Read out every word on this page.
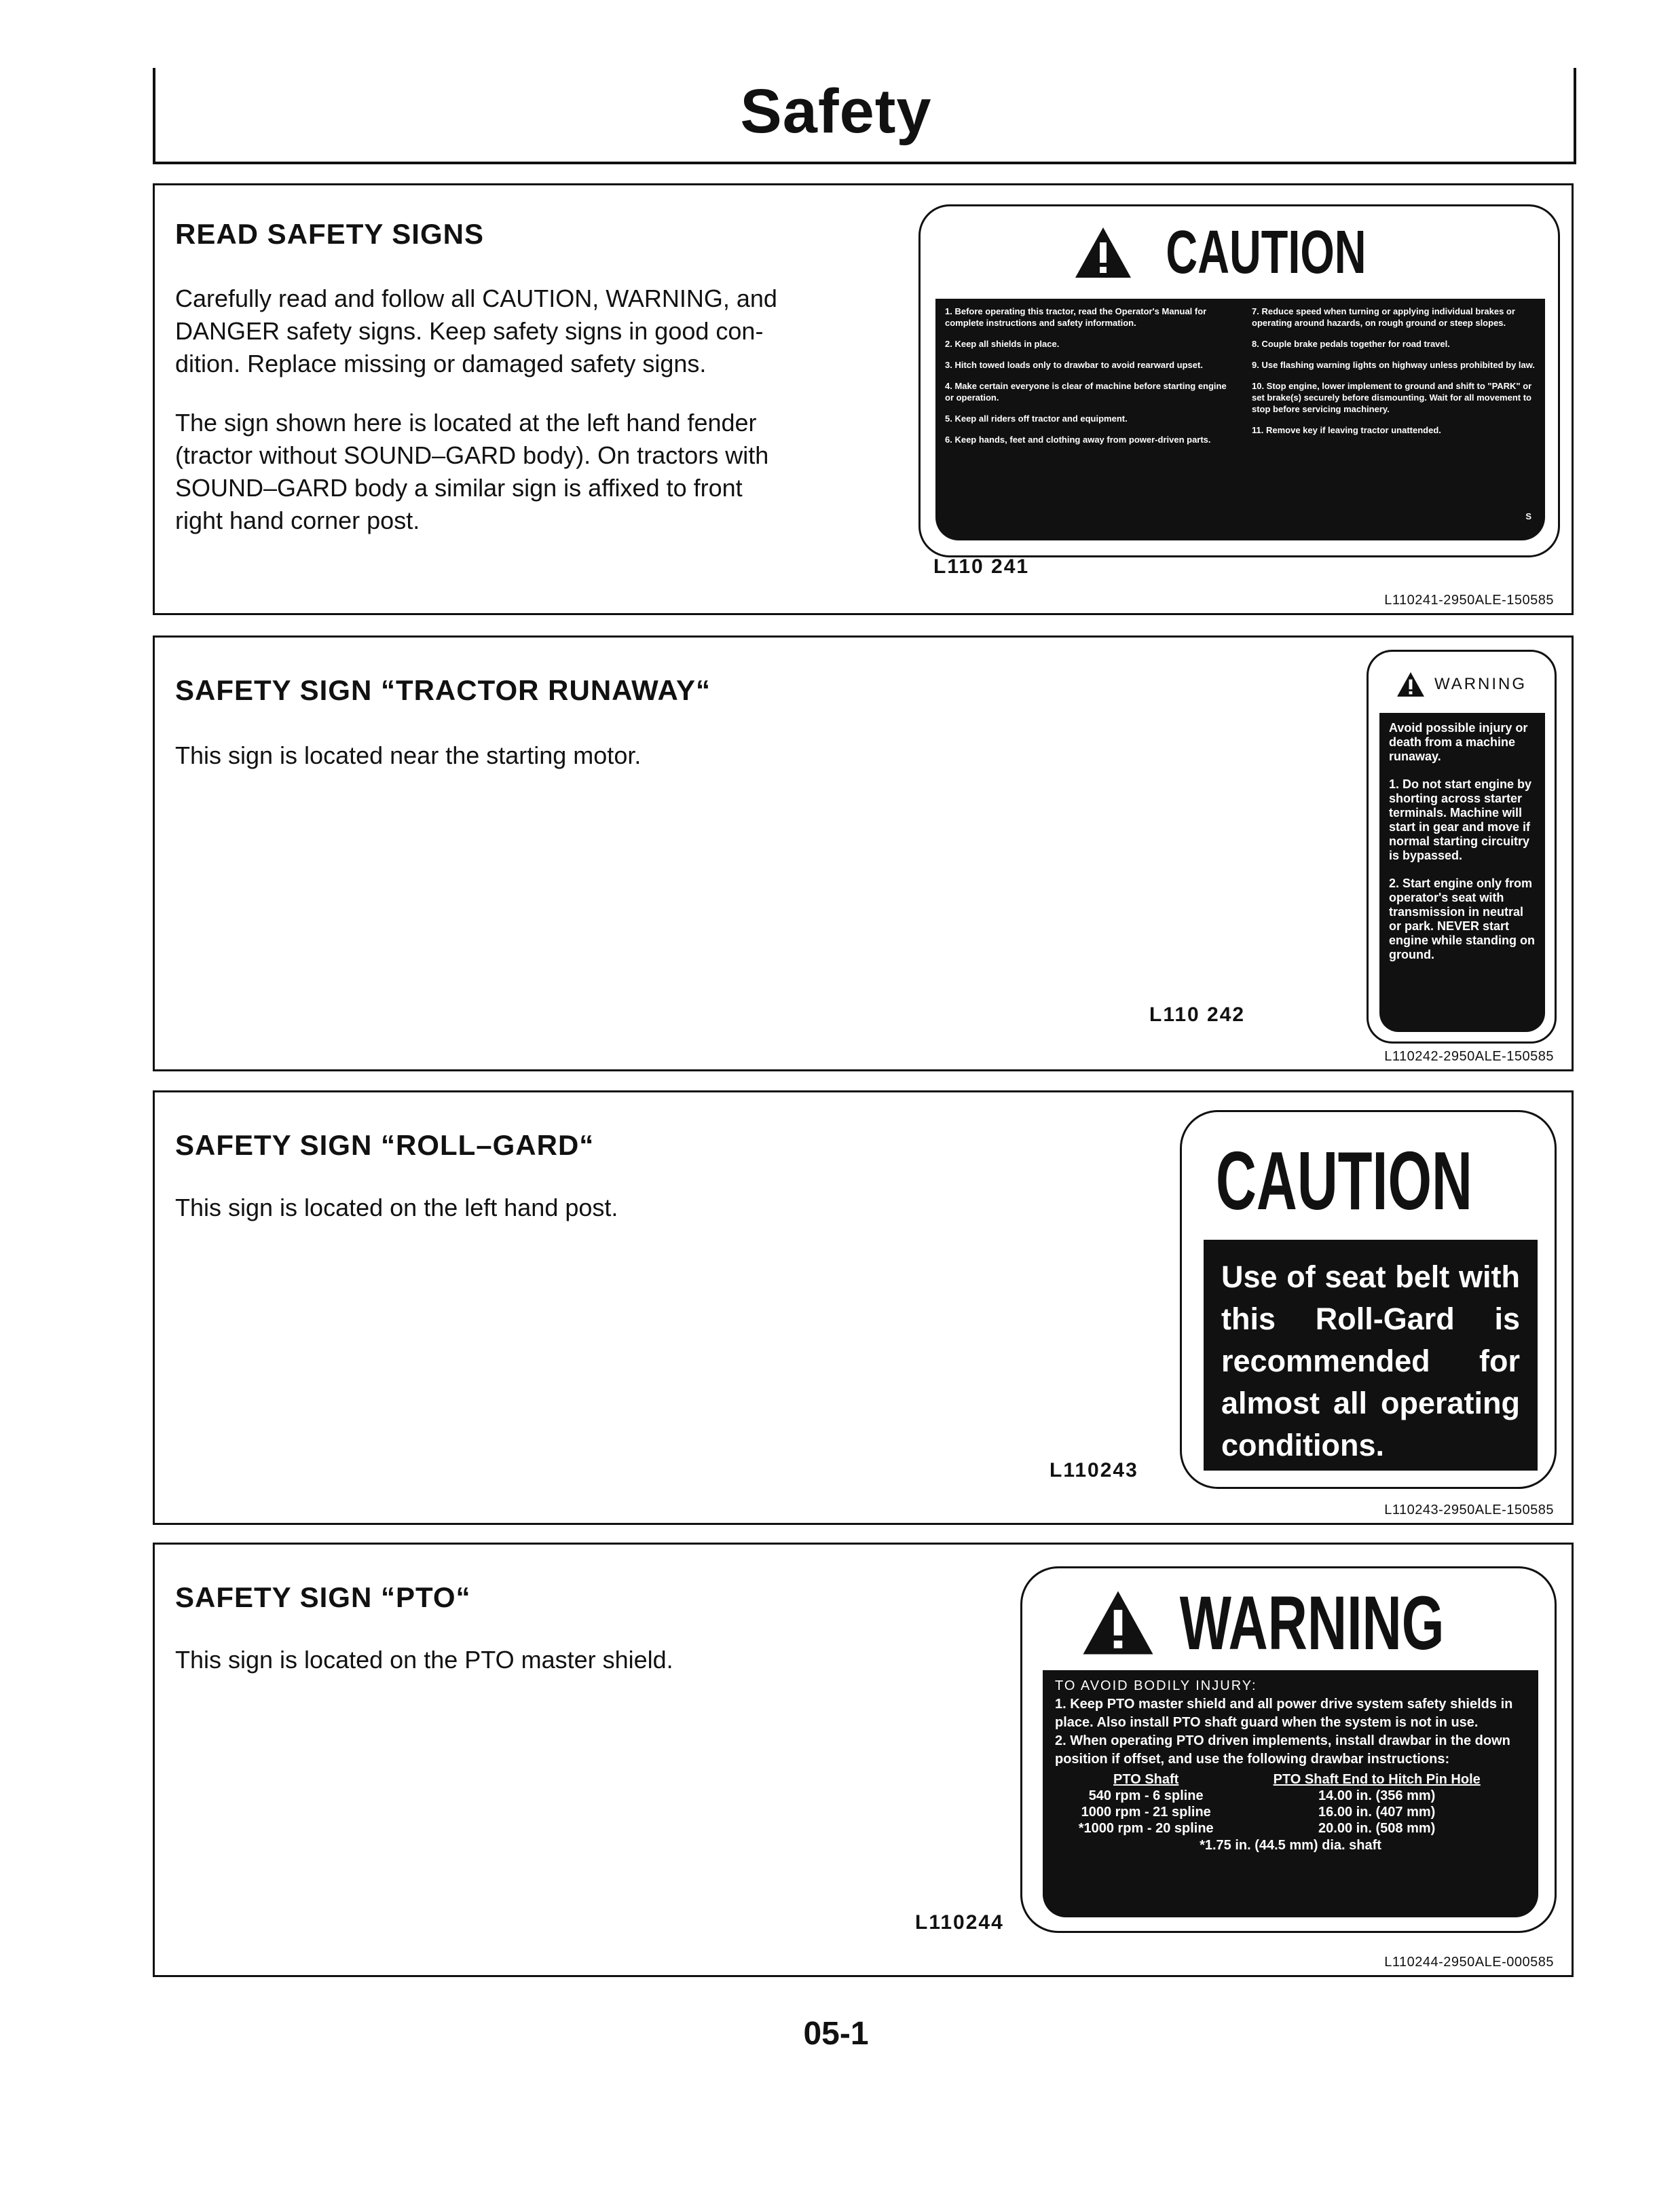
Safety
READ SAFETY SIGNS
Carefully read and follow all CAUTION, WARNING, and
DANGER safety signs. Keep safety signs in good con-
dition. Replace missing or damaged safety signs.
The sign shown here is located at the left hand fender
(tractor without SOUND–GARD body). On tractors with
SOUND–GARD body a similar sign is affixed to front
right hand corner post.
CAUTION
1. Before operating this tractor, read the Operator's Manual for complete instructions and safety information.
2. Keep all shields in place.
3. Hitch towed loads only to drawbar to avoid rearward upset.
4. Make certain everyone is clear of machine before starting engine or operation.
5. Keep all riders off tractor and equipment.
6. Keep hands, feet and clothing away from power-driven parts.
7. Reduce speed when turning or applying individual brakes or operating around hazards, on rough ground or steep slopes.
8. Couple brake pedals together for road travel.
9. Use flashing warning lights on highway unless prohibited by law.
10. Stop engine, lower implement to ground and shift to "PARK" or set brake(s) securely before dismounting. Wait for all movement to stop before servicing machinery.
11. Remove key if leaving tractor unattended.
S
L110 241
L110241-2950ALE-150585
SAFETY SIGN “TRACTOR RUNAWAY“
This sign is located near the starting motor.
WARNING
Avoid possible injury or death from a machine runaway.
1. Do not start engine by shorting across starter terminals. Machine will start in gear and move if normal starting circuitry is bypassed.
2. Start engine only from operator's seat with transmission in neutral or park. NEVER start engine while standing on ground.
L110 242
L110242-2950ALE-150585
SAFETY SIGN “ROLL–GARD“
This sign is located on the left hand post.	CAUTION
Use of seat belt with this Roll-Gard is recommended for almost all operating conditions.
L110243
L110243-2950ALE-150585
SAFETY SIGN “PTO“
This sign is located on the PTO master shield.	WARNING
TO AVOID BODILY INJURY:
1. Keep PTO master shield and all power drive system safety shields in place. Also install PTO shaft guard when the system is not in use.
2. When operating PTO driven implements, install drawbar in the down position if offset, and use the following drawbar instructions:
PTO Shaft	PTO Shaft End to Hitch Pin Hole
540 rpm - 6 spline	14.00 in. (356 mm)
1000 rpm - 21 spline	16.00 in. (407 mm)
*1000 rpm - 20 spline	20.00 in. (508 mm)
*1.75 in. (44.5 mm) dia. shaft
L110244
L110244-2950ALE-000585
05-1
